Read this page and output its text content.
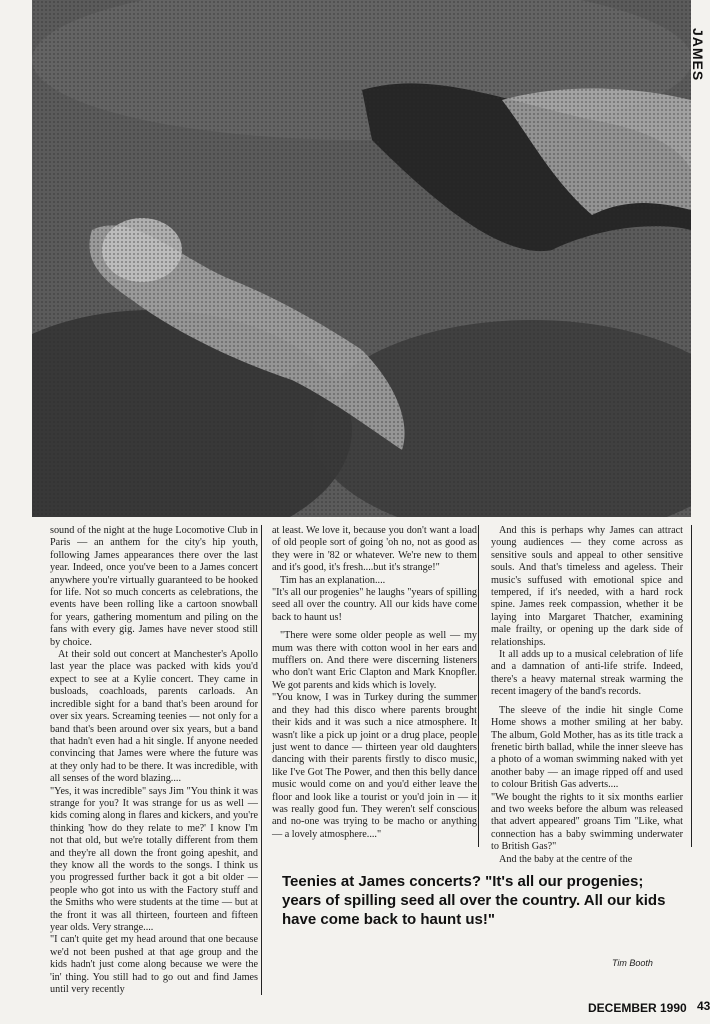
JAMES

sound of the night at the huge Locomotive Club in Paris — an anthem for the city's hip youth, following James appearances there over the last year. Indeed, once you've been to a James concert anywhere you're virtually guaranteed to be hooked for life. Not so much concerts as celebrations, the events have been rolling like a cartoon snowball for years, gathering momentum and piling on the fans with every gig. James have never stood still by choice.

At their sold out concert at Manchester's Apollo last year the place was packed with kids you'd expect to see at a Kylie concert. They came in busloads, coachloads, parents carloads. An incredible sight for a band that's been around for over six years. Screaming teenies — not only for a band that's been around over six years, but a band that hadn't even had a hit single. If anyone needed convincing that James were where the future was at they only had to be there. It was incredible, with all senses of the word blazing....

"Yes, it was incredible" says Jim "You think it was strange for you? It was strange for us as well — kids coming along in flares and kickers, and you're thinking 'how do they relate to me?' I know I'm not that old, but we're totally different from them and they're all down the front going apeshit, and they know all the words to the songs. I think us you progressed further back it got a bit older — people who got into us with the Factory stuff and the Smiths who were students at the time — but at the front it was all thirteen, fourteen and fifteen year olds. Very strange....

"I can't quite get my head around that one because we'd not been pushed at that age group and the kids hadn't just come along because we were the 'in' thing. You still had to go out and find James until very recently

at least. We love it, because you don't want a load of old people sort of going 'oh no, not as good as they were in '82 or whatever. We're new to them and it's good, it's fresh....but it's strange!"

Tim has an explanation....

"It's all our progenies" he laughs "years of spilling seed all over the country. All our kids have come back to haunt us!

"There were some older people as well — my mum was there with cotton wool in her ears and mufflers on. And there were discerning listeners who don't want Eric Clapton and Mark Knopfler. We got parents and kids which is lovely.

"You know, I was in Turkey during the summer and they had this disco where parents brought their kids and it was such a nice atmosphere. It wasn't like a pick up joint or a drug place, people just went to dance — thirteen year old daughters dancing with their parents firstly to disco music, like I've Got The Power, and then this belly dance music would come on and you'd either leave the floor and look like a tourist or you'd join in — it was really good fun. They weren't self conscious and no-one was trying to be macho or anything — a lovely atmosphere...."

And this is perhaps why James can attract young audiences — they come across as sensitive souls and appeal to other sensitive souls. And that's timeless and ageless. Their music's suffused with emotional spice and tempered, if it's needed, with a hard rock spine. James reek compassion, whether it be laying into Margaret Thatcher, examining male frailty, or opening up the dark side of relationships.

It all adds up to a musical celebration of life and a damnation of anti-life strife. Indeed, there's a heavy maternal streak warming the recent imagery of the band's records.

The sleeve of the indie hit single Come Home shows a mother smiling at her baby. The album, Gold Mother, has as its title track a frenetic birth ballad, while the inner sleeve has a photo of a woman swimming naked with yet another baby — an image ripped off and used to colour British Gas adverts....

"We bought the rights to it six months earlier and two weeks before the album was released that advert appeared" groans Tim "Like, what connection has a baby swimming underwater to British Gas?"

And the baby at the centre of the

Teenies at James concerts? "It's all our progenies; years of spilling seed all over the country. All our kids have come back to haunt us!"
Tim Booth
DECEMBER 1990 43
